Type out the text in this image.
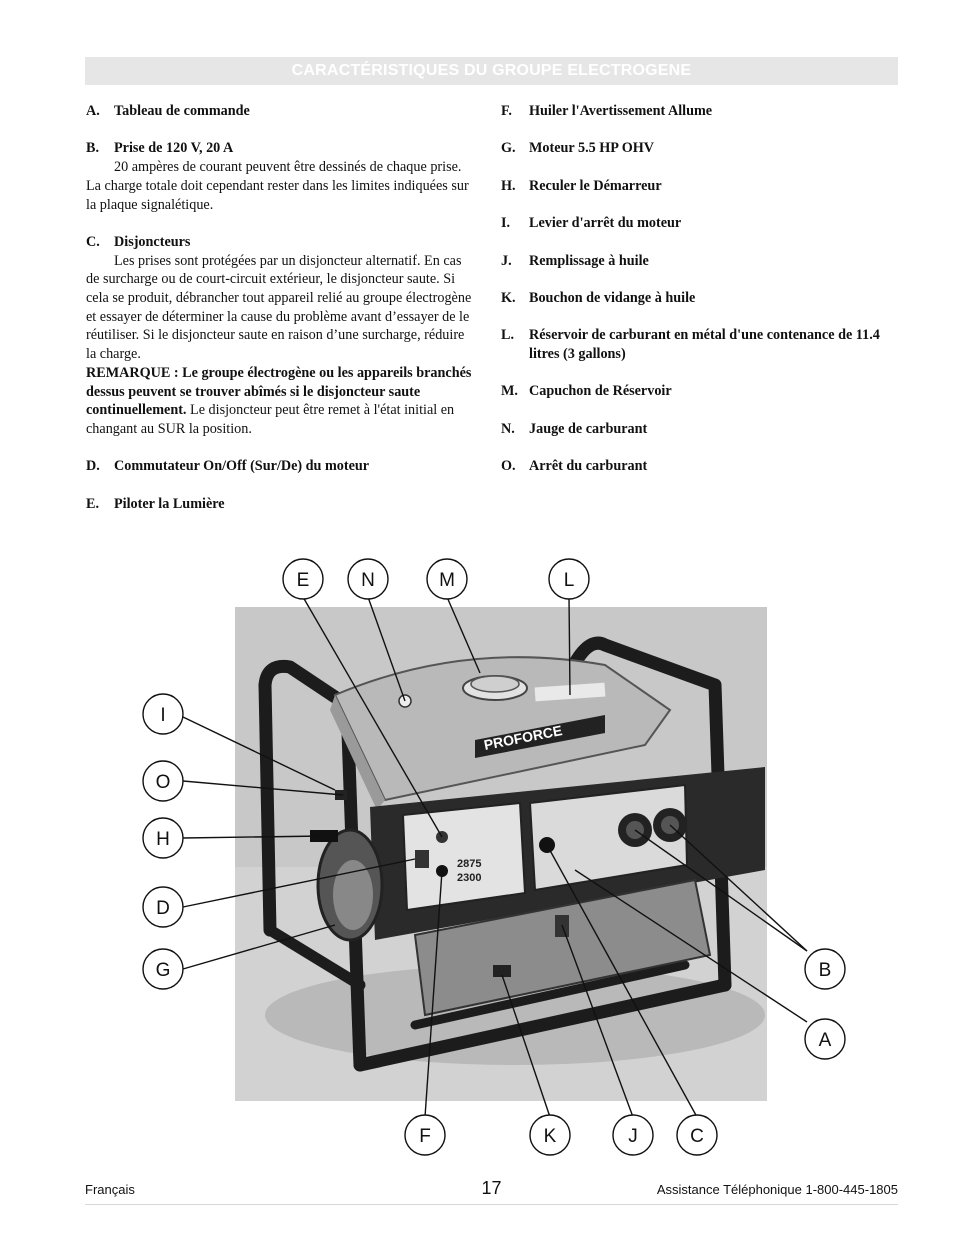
CARACTÉRISTIQUES DU GROUPE ELECTROGENE
A.	Tableau de commande
B.	Prise de 120 V, 20 A
20 ampères de courant peuvent être dessinés de chaque prise. La charge totale doit cependant rester dans les limites indiquées sur la plaque signalétique.
C.	Disjoncteurs
Les prises sont protégées par un disjoncteur alternatif. En cas de surcharge ou de court-circuit extérieur, le disjoncteur saute. Si cela se produit, débrancher tout appareil relié au groupe électrogène et essayer de déterminer la cause du problème avant d’essayer de le réutiliser. Si le disjoncteur saute en raison d’une surcharge, réduire la charge.
REMARQUE : Le groupe électrogène ou les appareils branchés dessus peuvent se trouver abîmés si le disjoncteur saute continuellement. Le disjoncteur peut être remet à l'état initial en changant au SUR la position.
D.	Commutateur On/Off (Sur/De) du moteur
E.	Piloter la Lumière
F.	Huiler l'Avertissement Allume
G. Moteur 5.5 HP OHV
H. Reculer le Démarreur
I.	Levier d'arrêt du moteur
J.	Remplissage à huile
K. Bouchon de vidange à huile
L.	Réservoir de carburant en métal d'une contenance de 11.4 litres (3 gallons)
M. Capuchon de Réservoir
N.	Jauge de carburant
O. Arrêt du carburant
PROFORCE
2875
2300
E	N	M	L
I
O
H
D
G	B
A
F	K	J	C
Français	17	Assistance Téléphonique 1-800-445-1805
